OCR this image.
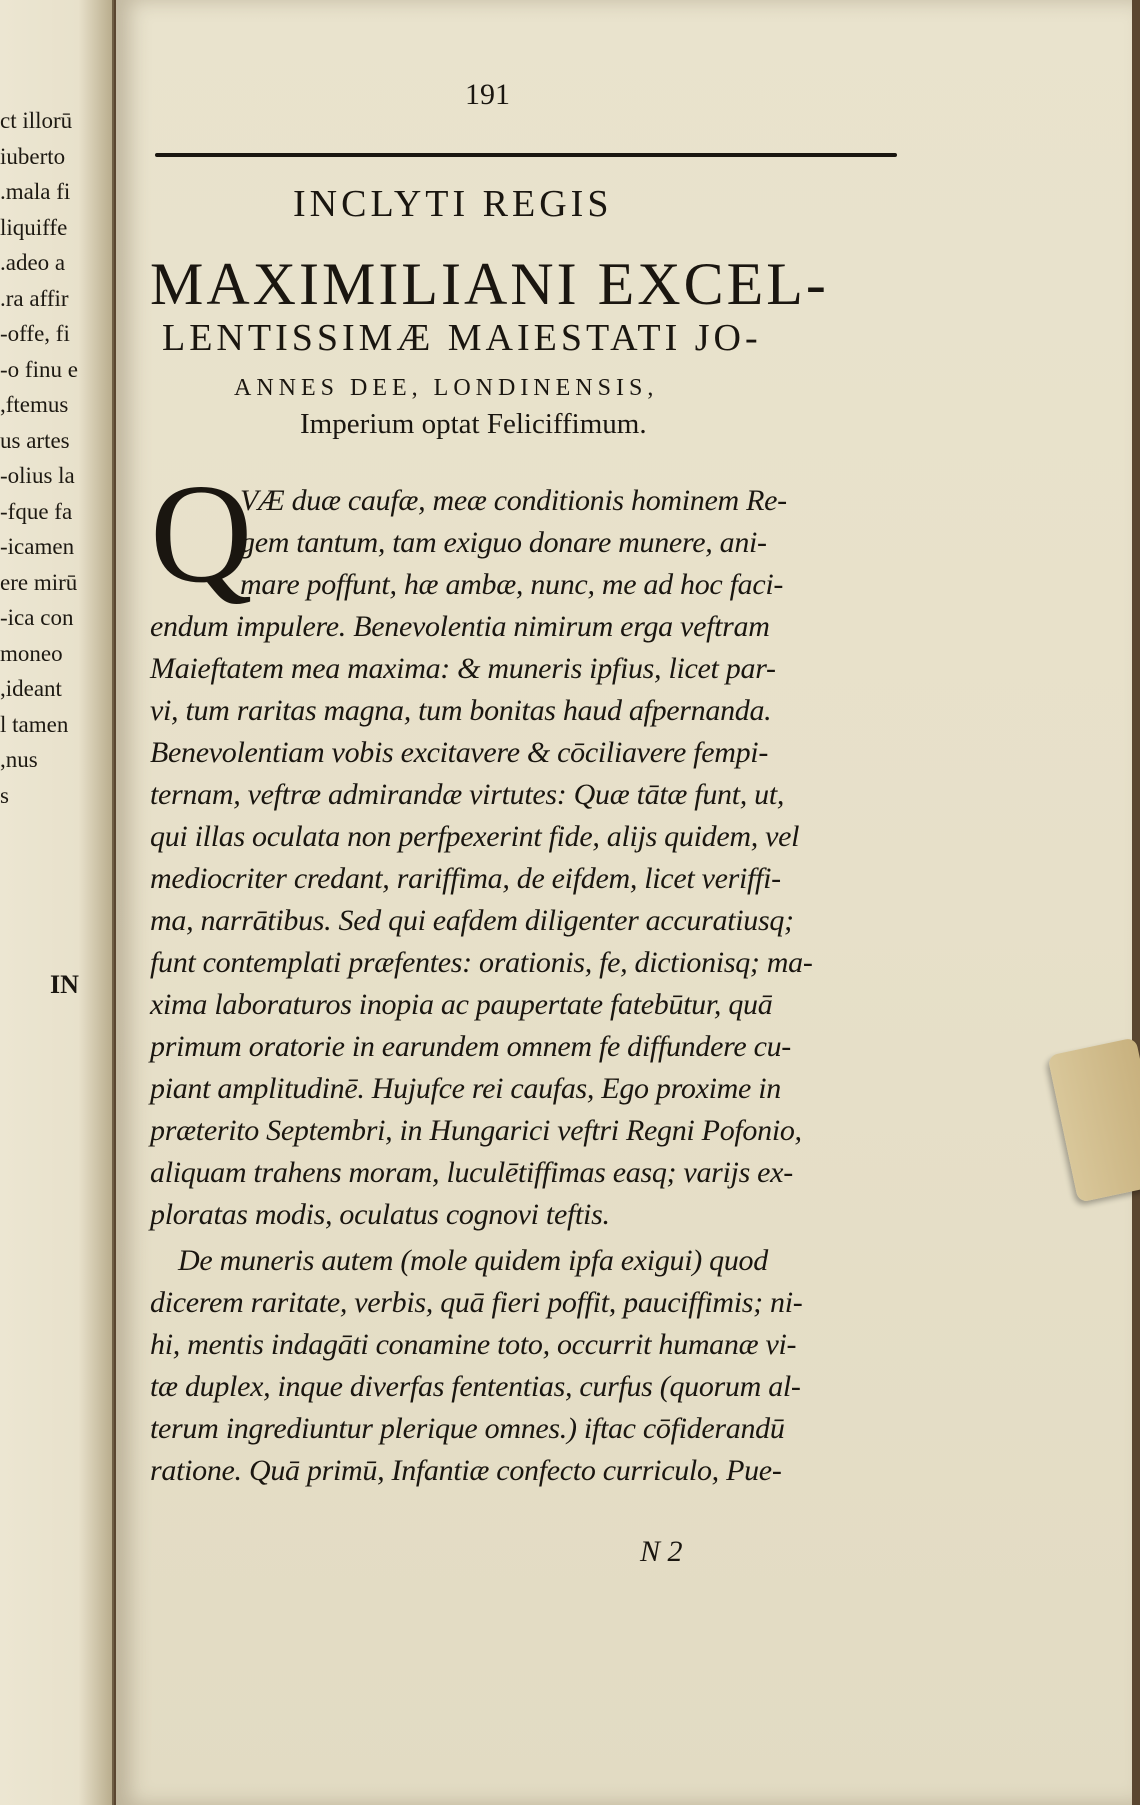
ct illorū
iuberto
mala fi.
liquiffe
adeo a.
ra affir.
offe, fi-
o finu e-
ftemus,
us artes
olius la-
fque fa-
icamen-
ere mirū
ica con-
moneo
ideant,
l tamen
nus,
s
IN
191
INCLYTI REGIS
MAXIMILIANI EXCEL-
LENTISSIMÆ MAIESTATI JO-
ANNES DEE, LONDINENSIS,
Imperium optat Feliciffimum.
Q
VÆ duæ caufæ, meæ conditionis hominem Re-
gem tantum, tam exiguo donare munere, ani-
mare poffunt, hæ ambæ, nunc, me ad hoc faci-
endum impulere. Benevolentia nimirum erga veftram
Maieftatem mea maxima: & muneris ipfius, licet par-
vi, tum raritas magna, tum bonitas haud afpernanda.
Benevolentiam vobis excitavere & cōciliavere fempi-
ternam, veftræ admirandæ virtutes: Quæ tātæ funt, ut,
qui illas oculata non perfpexerint fide, alijs quidem, vel
mediocriter credant, rariffima, de eifdem, licet veriffi-
ma, narrātibus. Sed qui eafdem diligenter accuratiusq;
funt contemplati præfentes: orationis, fe, dictionisq; ma-
xima laboraturos inopia ac paupertate fatebūtur, quā
primum oratorie in earundem omnem fe diffundere cu-
piant amplitudinē. Hujufce rei caufas, Ego proxime in
præterito Septembri, in Hungarici veftri Regni Pofonio,
aliquam trahens moram, luculētiffimas easq; varijs ex-
ploratas modis, oculatus cognovi teftis.
De muneris autem (mole quidem ipfa exigui) quod
dicerem raritate, verbis, quā fieri poffit, pauciffimis; ni-
hi, mentis indagāti conamine toto, occurrit humanæ vi-
tæ duplex, inque diverfas fententias, curfus (quorum al-
terum ingrediuntur plerique omnes.) iftac cōfiderandū
ratione. Quā primū, Infantiæ confecto curriculo, Pue-
N 2
